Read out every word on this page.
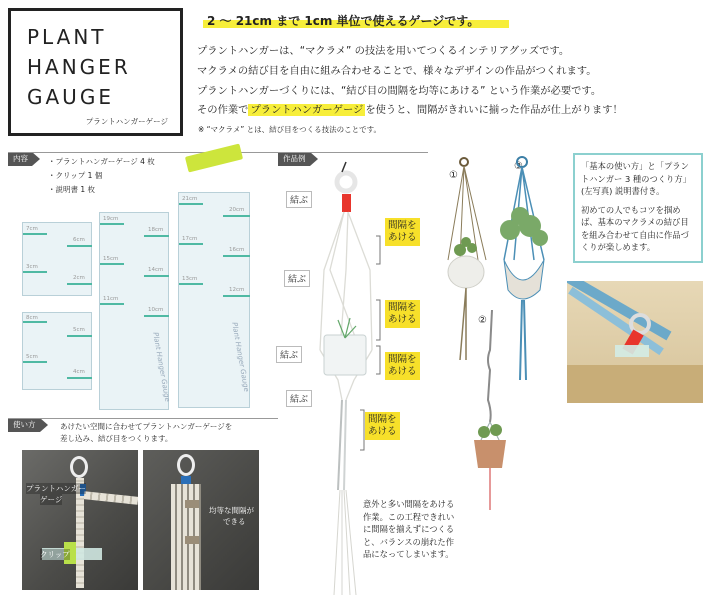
PLANT
HANGER
GAUGE
プラントハンガーゲージ
2 ～ 21cm まで 1cm 単位で使えるゲージです。
プラントハンガーは、“マクラメ” の技法を用いてつくるインテリアグッズです。
マクラメの結び目を自由に組み合わせることで、様々なデザインの作品がつくれます。
プラントハンガーづくりには、“結び目の間隔を均等にあける” という作業が必要です。
その作業で プラントハンガーゲージ を使うと、間隔がきれいに揃った作品が仕上がります！
※ “マクラメ” とは、結び目をつくる技法のことです。
内容	・プラントハンガーゲージ 4 枚
・クリップ 1 個
・説明書 1 枚
7cm
6cm
3cm
2cm
8cm
5cm
5cm
4cm
19cm
18cm
15cm
14cm
11cm
10cm
Plant Hanger Gauge
21cm
20cm
17cm
16cm
13cm
12cm
Plant Hanger Gauge
使い方	あけたい空間に合わせてプラントハンガーゲージを
差し込み、結び目をつくります。
プラントハンガー
ゲージ
クリップ
均等な間隔が
できる
作品例
結ぶ
結ぶ
結ぶ
結ぶ
間隔を
あける
間隔を
あける
間隔を
あける
間隔を
あける
意外と多い間隔をあける作業。この工程できれいに間隔を揃えずにつくると、バランスの崩れた作品になってしまいます。
①
②
③	「基本の使い方」と「プラントハンガー 3 種のつくり方」(左写真) 説明書付き。
初めての人でもコツを掴めば、基本のマクラメの結び目を組み合わせて自由に作品づくりが楽しめます。
